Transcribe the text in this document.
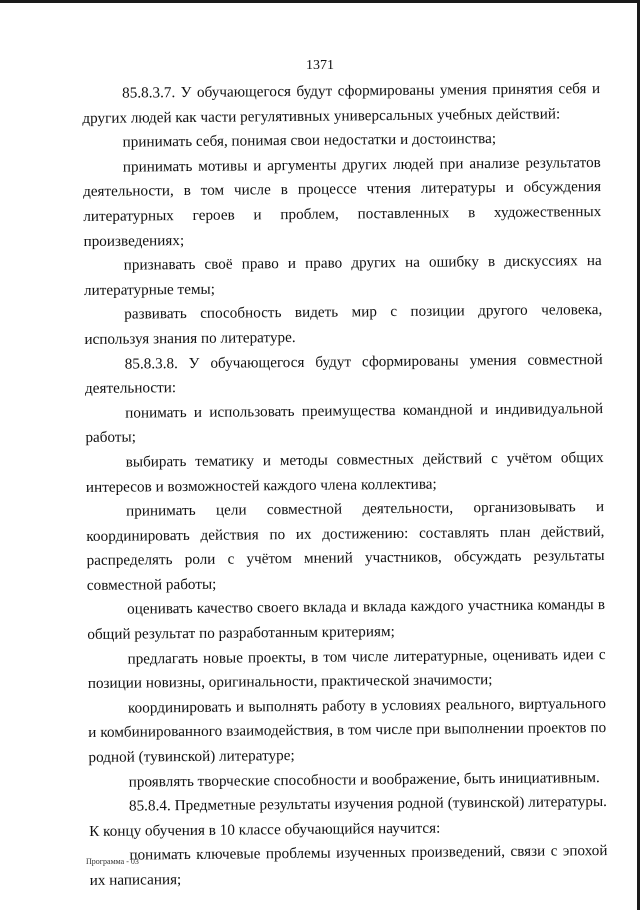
1371

85.8.3.7. У обучающегося будут сформированы умения принятия себя и других людей как части регулятивных универсальных учебных действий:

принимать себя, понимая свои недостатки и достоинства;

принимать мотивы и аргументы других людей при анализе результатов деятельности, в том числе в процессе чтения литературы и обсуждения литературных героев и проблем, поставленных в художественных произведениях;

признавать своё право и право других на ошибку в дискуссиях на литературные темы;

развивать способность видеть мир с позиции другого человека, используя знания по литературе.

85.8.3.8. У обучающегося будут сформированы умения совместной деятельности:

понимать и использовать преимущества командной и индивидуальной работы;

выбирать тематику и методы совместных действий с учётом общих интересов и возможностей каждого члена коллектива;

принимать цели совместной деятельности, организовывать и координировать действия по их достижению: составлять план действий, распределять роли с учётом мнений участников, обсуждать результаты совместной работы;

оценивать качество своего вклада и вклада каждого участника команды в общий результат по разработанным критериям;

предлагать новые проекты, в том числе литературные, оценивать идеи с позиции новизны, оригинальности, практической значимости;

координировать и выполнять работу в условиях реального, виртуального и комбинированного взаимодействия, в том числе при выполнении проектов по родной (тувинской) литературе;

проявлять творческие способности и воображение, быть инициативным.

85.8.4. Предметные результаты изучения родной (тувинской) литературы. К концу обучения в 10 классе обучающийся научится:

понимать ключевые проблемы изученных произведений, связи с эпохой их написания;

Программа - 03
